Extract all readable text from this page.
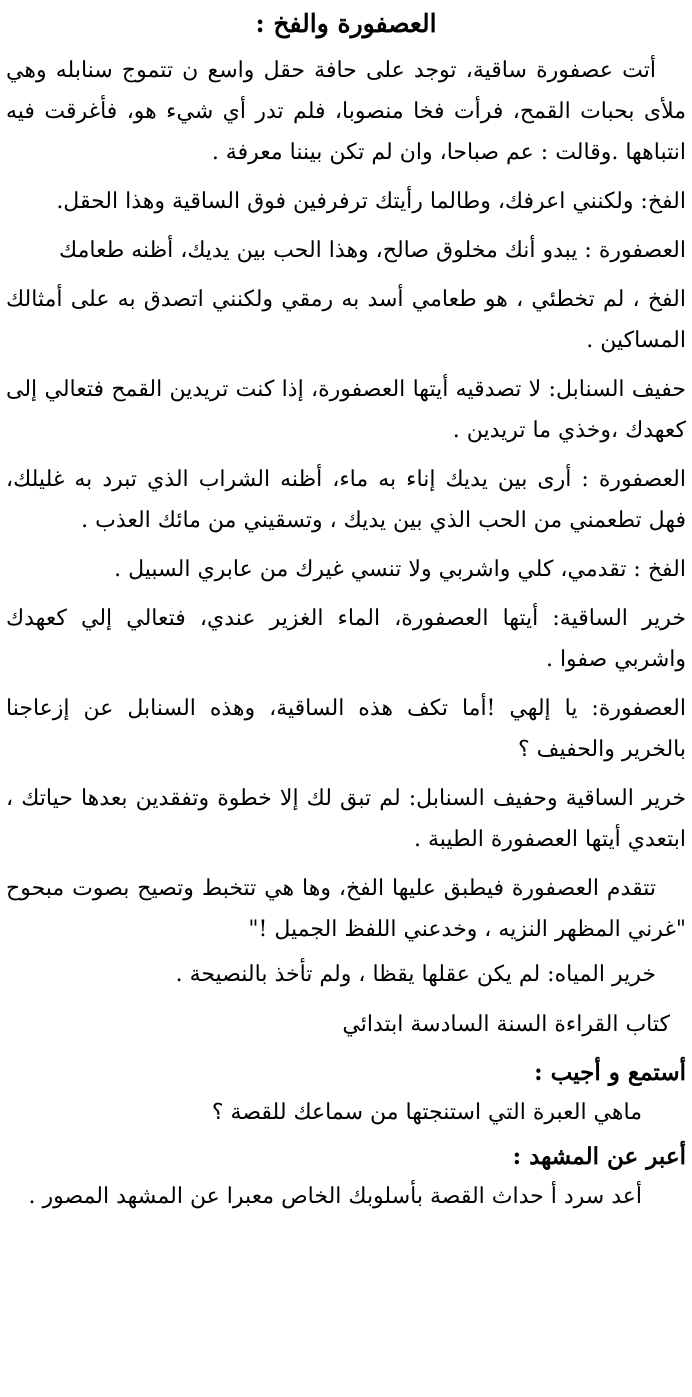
العصفورة والفخ :

أتت عصفورة ساقية، توجد على حافة حقل واسع ن تتموج سنابله وهي ملأى بحبات القمح، فرأت فخا منصوبا، فلم تدر أي شيء هو، فأغرقت فيه انتباهها .وقالت : عم صباحا، وان لم تكن بيننا معرفة .

الفخ: ولكنني اعرفك، وطالما رأيتك ترفرفين فوق الساقية وهذا الحقل.

العصفورة : يبدو أنك مخلوق صالح، وهذا الحب بين يديك، أظنه طعامك

الفخ ، لم تخطئي ، هو طعامي أسد به رمقي ولكنني اتصدق به على أمثالك المساكين .

حفيف السنابل: لا تصدقيه أيتها العصفورة، إذا كنت تريدين القمح فتعالي إلى كعهدك ،وخذي ما تريدين .

العصفورة : أرى بين يديك إناء به ماء، أظنه الشراب الذي تبرد به غليلك، فهل تطعمني من الحب الذي بين يديك ، وتسقيني من مائك العذب .

الفخ : تقدمي، كلي واشربي ولا تنسي غيرك من عابري السبيل .

خرير الساقية: أيتها العصفورة، الماء الغزير عندي، فتعالي إلي كعهدك واشربي صفوا .

العصفورة: يا إلهي !أما تكف هذه الساقية، وهذه السنابل عن إزعاجنا بالخرير والحفيف ؟

خرير الساقية وحفيف السنابل: لم تبق لك إلا خطوة وتفقدين بعدها حياتك ، ابتعدي أيتها العصفورة الطيبة .

تتقدم العصفورة فيطبق عليها الفخ، وها هي تتخبط وتصيح بصوت مبحوح "غرني المظهر النزيه ، وخدعني اللفظ الجميل !"

خرير المياه: لم يكن عقلها يقظا ، ولم تأخذ بالنصيحة .

كتاب القراءة السنة السادسة ابتدائي
أستمع و أجيب :
ماهي العبرة التي استنجتها من سماعك للقصة ؟
أعبر عن المشهد :
أعد سرد أ حداث القصة بأسلوبك الخاص معبرا عن المشهد المصور .
